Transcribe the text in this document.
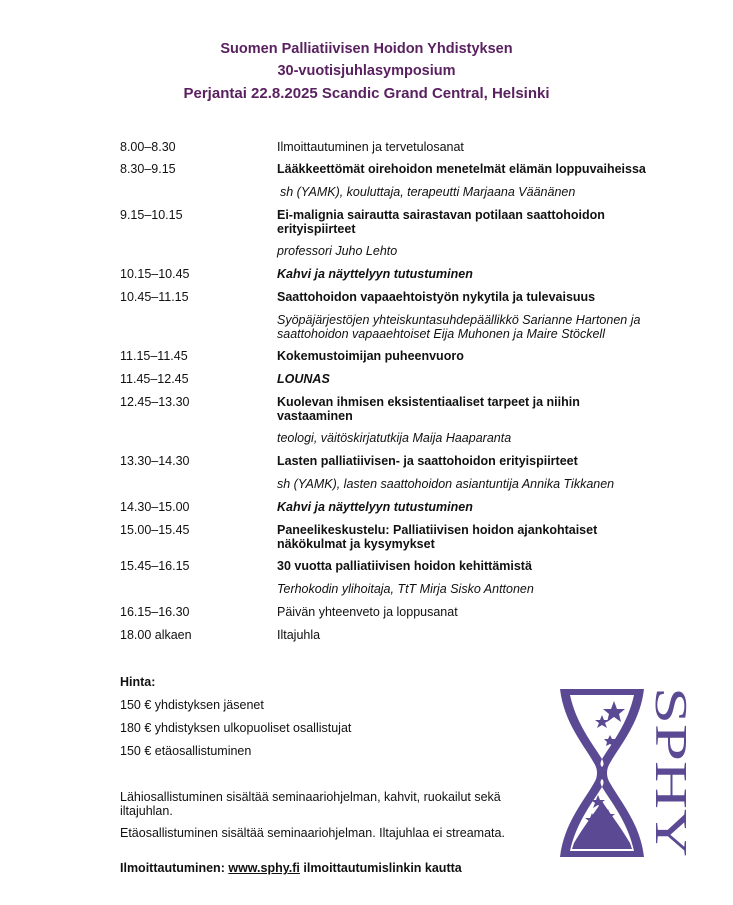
Suomen Palliatiivisen Hoidon Yhdistyksen
30-vuotisjuhlasymposium
Perjantai 22.8.2025 Scandic Grand Central, Helsinki
8.00–8.30	Ilmoittautuminen ja tervetulosanat
8.30–9.15	Lääkkeettömät oirehoidon menetelmät elämän loppuvaiheissa
sh (YAMK), kouluttaja, terapeutti Marjaana Väänänen
9.15–10.15	Ei-malignia sairautta sairastavan potilaan saattohoidon erityispiirteet
professori Juho Lehto
10.15–10.45	Kahvi ja näyttelyyn tutustuminen
10.45–11.15	Saattohoidon vapaaehtoistyön nykytila ja tulevaisuus
Syöpäjärjestöjen yhteiskuntasuhdepäällikkö Sarianne Hartonen ja saattohoidon vapaaehtoiset Eija Muhonen ja Maire Stöckell
11.15–11.45	Kokemustoimijan puheenvuoro
11.45–12.45	LOUNAS
12.45–13.30	Kuolevan ihmisen eksistentiaaliset tarpeet ja niihin vastaaminen
teologi, väitöskirjatutkija Maija Haaparanta
13.30–14.30	Lasten palliatiivisen- ja saattohoidon erityispiirteet
sh (YAMK), lasten saattohoidon asiantuntija Annika Tikkanen
14.30–15.00	Kahvi ja näyttelyyn tutustuminen
15.00–15.45	Paneelikeskustelu: Palliatiivisen hoidon ajankohtaiset näkökulmat ja kysymykset
15.45–16.15	30 vuotta palliatiivisen hoidon kehittämistä
Terhokodin ylihoitaja, TtT Mirja Sisko Anttonen
16.15–16.30	Päivän yhteenveto ja loppusanat
18.00 alkaen	Iltajuhla
Hinta:
150 € yhdistyksen jäsenet
180 € yhdistyksen ulkopuoliset osallistujat
150 € etäosallistuminen
Lähiosallistuminen sisältää seminaariohjelman, kahvit, ruokailut sekä iltajuhlan.
Etäosallistuminen sisältää seminaariohjelman. Iltajuhlaa ei streamata.
Ilmoittautuminen: www.sphy.fi ilmoittautumislinkin kautta
SPHY
